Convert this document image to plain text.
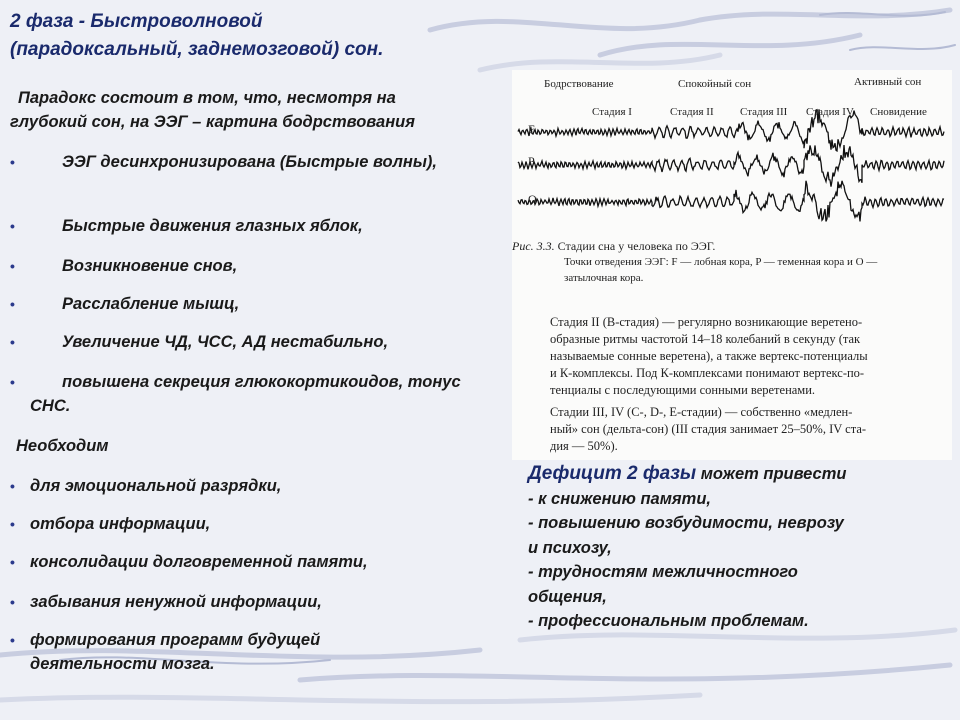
2 фаза - Быстроволновой
(парадоксальный, заднемозговой) сон.
Парадокс состоит в том, что, несмотря на
глубокий сон, на ЭЭГ – картина бодрствования
•	ЭЭГ десинхронизирована (Быстрые волны),
•	Быстрые движения глазных яблок,
•	Возникновение снов,
•	Расслабление мышц,
•	Увеличение ЧД, ЧСС, АД нестабильно,
•	повышена секреция глюкокортикоидов, тонус СНС.
Необходим
• для эмоциональной разрядки,
• отбора информации,
• консолидации долговременной памяти,
• забывания ненужной информации,
• формирования программ будущей деятельности мозга.
Бодрствование	Спокойный сон	Активный сон
Стадия I	Стадия II Стадия III Стадия IV Сновидение
F
P
O
Рис. 3.3. Стадии сна у человека по ЭЭГ.
Точки отведения ЭЭГ: F — лобная кора, P — теменная кора и O —
затылочная кора.
Стадия II (В-стадия) — регулярно возникающие веретено-
образные ритмы частотой 14–18 колебаний в секунду (так
называемые сонные веретена), а также вертекс-потенциалы
и К-комплексы. Под К-комплексами понимают вертекс-по-
тенциалы с последующими сонными веретенами.
Стадии III, IV (С-, D-, Е-стадии) — собственно «медлен-
ный» сон (дельта-сон) (III стадия занимает 25–50%, IV ста-
дия — 50%).
Дефицит 2 фазы может привести
- к снижению памяти,
- повышению возбудимости, неврозу
и психозу,
- трудностям межличностного
общения,
- профессиональным проблемам.
